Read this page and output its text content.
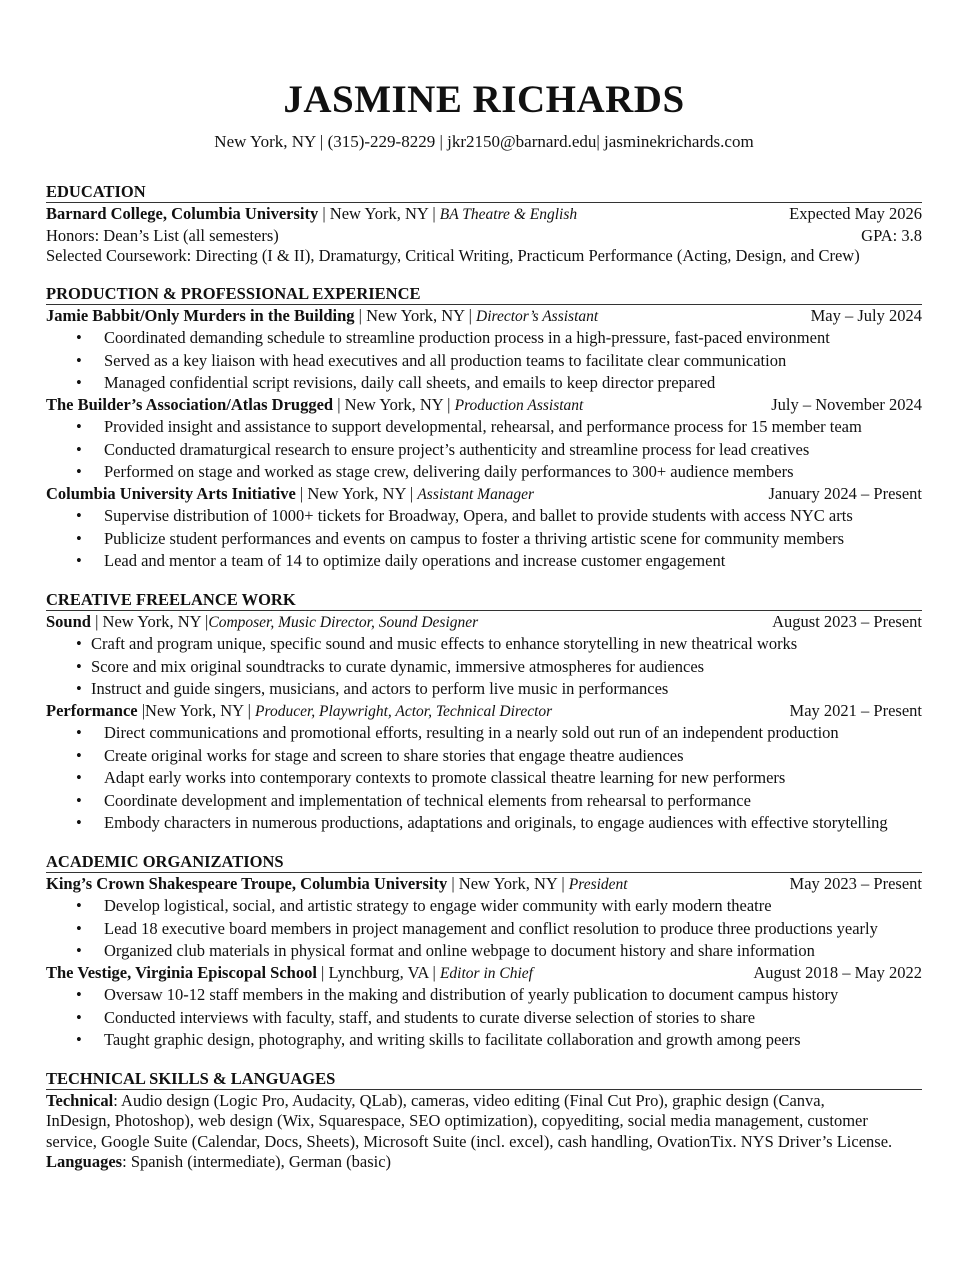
JASMINE RICHARDS
New York, NY | (315)-229-8229 | jkr2150@barnard.edu| jasminekrichards.com
EDUCATION
Barnard College, Columbia University | New York, NY | BA Theatre & English	Expected May 2026
Honors: Dean’s List (all semesters)	GPA: 3.8
Selected Coursework: Directing (I & II), Dramaturgy, Critical Writing, Practicum Performance (Acting, Design, and Crew)
PRODUCTION & PROFESSIONAL EXPERIENCE
Jamie Babbit/Only Murders in the Building | New York, NY | Director’s Assistant	May – July 2024
• Coordinated demanding schedule to streamline production process in a high-pressure, fast-paced environment
• Served as a key liaison with head executives and all production teams to facilitate clear communication
• Managed confidential script revisions, daily call sheets, and emails to keep director prepared
The Builder’s Association/Atlas Drugged | New York, NY | Production Assistant	July – November 2024
• Provided insight and assistance to support developmental, rehearsal, and performance process for 15 member team
• Conducted dramaturgical research to ensure project’s authenticity and streamline process for lead creatives
• Performed on stage and worked as stage crew, delivering daily performances to 300+ audience members
Columbia University Arts Initiative | New York, NY | Assistant Manager	January 2024 – Present
• Supervise distribution of 1000+ tickets for Broadway, Opera, and ballet to provide students with access NYC arts
• Publicize student performances and events on campus to foster a thriving artistic scene for community members
• Lead and mentor a team of 14 to optimize daily operations and increase customer engagement
CREATIVE FREELANCE WORK
Sound | New York, NY |Composer, Music Director, Sound Designer	August 2023 – Present
• Craft and program unique, specific sound and music effects to enhance storytelling in new theatrical works
• Score and mix original soundtracks to curate dynamic, immersive atmospheres for audiences
• Instruct and guide singers, musicians, and actors to perform live music in performances
Performance |New York, NY | Producer, Playwright, Actor, Technical Director	May 2021 – Present
• Direct communications and promotional efforts, resulting in a nearly sold out run of an independent production
• Create original works for stage and screen to share stories that engage theatre audiences
• Adapt early works into contemporary contexts to promote classical theatre learning for new performers
• Coordinate development and implementation of technical elements from rehearsal to performance
• Embody characters in numerous productions, adaptations and originals, to engage audiences with effective storytelling
ACADEMIC ORGANIZATIONS
King’s Crown Shakespeare Troupe, Columbia University | New York, NY | President	May 2023 – Present
• Develop logistical, social, and artistic strategy to engage wider community with early modern theatre
• Lead 18 executive board members in project management and conflict resolution to produce three productions yearly
• Organized club materials in physical format and online webpage to document history and share information
The Vestige, Virginia Episcopal School | Lynchburg, VA | Editor in Chief	August 2018 – May 2022
• Oversaw 10-12 staff members in the making and distribution of yearly publication to document campus history
• Conducted interviews with faculty, staff, and students to curate diverse selection of stories to share
• Taught graphic design, photography, and writing skills to facilitate collaboration and growth among peers
TECHNICAL SKILLS & LANGUAGES

Technical: Audio design (Logic Pro, Audacity, QLab), cameras, video editing (Final Cut Pro), graphic design (Canva,

InDesign, Photoshop), web design (Wix, Squarespace, SEO optimization), copyediting, social media management, customer

service, Google Suite (Calendar, Docs, Sheets), Microsoft Suite (incl. excel), cash handling, OvationTix. NYS Driver’s License.

Languages: Spanish (intermediate), German (basic)
